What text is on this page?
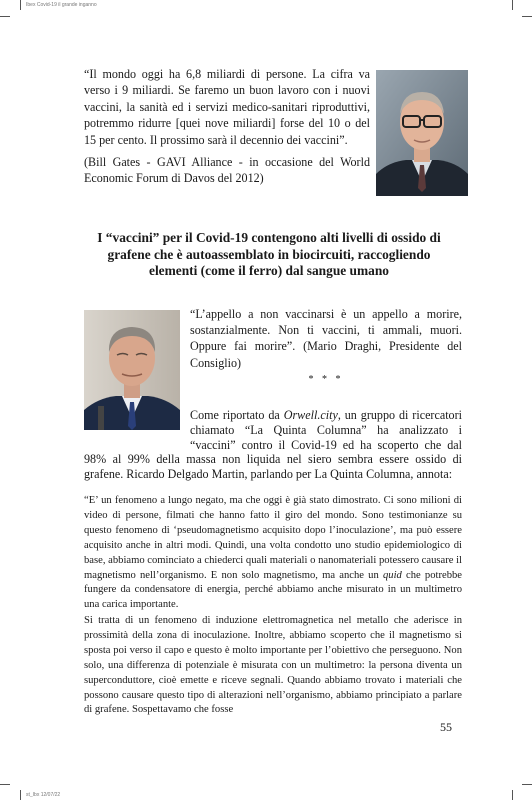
Ibex Covid-19 il grande inganno
“Il mondo oggi ha 6,8 miliardi di persone. La cifra va verso i 9 miliardi. Se faremo un buon lavoro con i nuovi vaccini, la sanità ed i servizi medico-sanitari riproduttivi, potremmo ridurre [quei nove miliardi] forse del 10 o del 15 per cento. Il prossimo sarà il decennio dei vaccini”.
(Bill Gates - GAVI Alliance - in occasione del World Economic Forum di Davos del 2012)
I “vaccini” per il Covid-19 contengono alti livelli di ossido di grafene che è autoassemblato in biocircuiti, raccogliendo elementi (come il ferro) dal sangue umano
“L’appello a non vaccinarsi è un appello a morire, sostanzialmente. Non ti vaccini, ti ammali, muori. Oppure fai morire”. (Mario Draghi, Presidente del Consiglio)
* * *
Come riportato da Orwell.city, un gruppo di ricercatori chiamato “La Quinta Columna” ha analizzato i “vaccini” contro il Covid-19 ed ha scoperto che dal 98% al 99% della massa non liquida nel siero sembra essere ossido di grafene. Ricardo Delgado Martin, parlando per La Quinta Columna, annota:
“E’ un fenomeno a lungo negato, ma che oggi è già stato dimostrato. Ci sono milioni di video di persone, filmati che hanno fatto il giro del mondo. Sono testimonianze su questo fenomeno di ‘pseudomagnetismo acquisito dopo l’inoculazione’, ma può essere acquisito anche in altri modi. Quindi, una volta condotto uno studio epidemiologico di base, abbiamo cominciato a chiederci quali materiali o nanomateriali potessero causare il magnetismo nell’organismo. E non solo magnetismo, ma anche un quid che potrebbe fungere da condensatore di energia, perché abbiamo anche misurato in un multimetro una carica importante.
Si tratta di un fenomeno di induzione elettromagnetica nel metallo che aderisce in prossimità della zona di inoculazione. Inoltre, abbiamo scoperto che il magnetismo si sposta poi verso il capo e questo è molto importante per l’obiettivo che perseguono. Non solo, una differenza di potenziale è misurata con un multimetro: la persona diventa un superconduttore, cioè emette e riceve segnali. Quando abbiamo trovato i materiali che possono causare questo tipo di alterazioni nell’organismo, abbiamo principiato a parlare di grafene. Sospettavamo che fosse
55
st_Ibx 12/07/22
